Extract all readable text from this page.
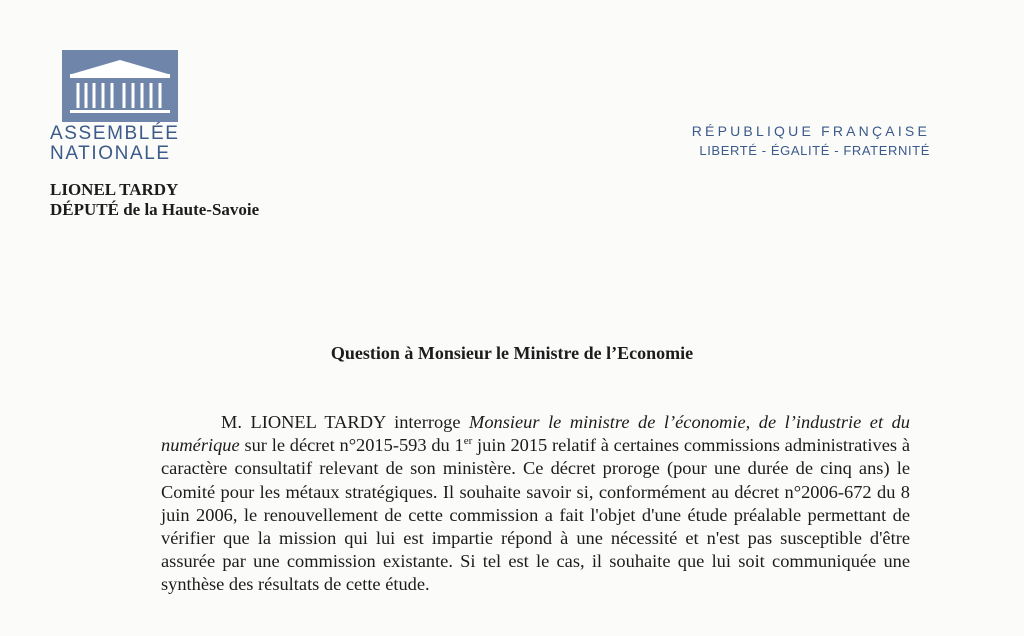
ASSEMBLÉE
NATIONALE
RÉPUBLIQUE FRANÇAISE
LIBERTÉ - ÉGALITÉ - FRATERNITÉ
LIONEL TARDY
DÉPUTÉ de la Haute-Savoie
Question à Monsieur le Ministre de l’Economie

M. LIONEL TARDY interroge Monsieur le ministre de l’économie, de l’industrie et du numérique sur le décret n°2015-593 du 1er juin 2015 relatif à certaines commissions administratives à caractère consultatif relevant de son ministère. Ce décret proroge (pour une durée de cinq ans) le Comité pour les métaux stratégiques. Il souhaite savoir si, conformément au décret n°2006-672 du 8 juin 2006, le renouvellement de cette commission a fait l'objet d'une étude préalable permettant de vérifier que la mission qui lui est impartie répond à une nécessité et n'est pas susceptible d'être assurée par une commission existante. Si tel est le cas, il souhaite que lui soit communiquée une synthèse des résultats de cette étude.
